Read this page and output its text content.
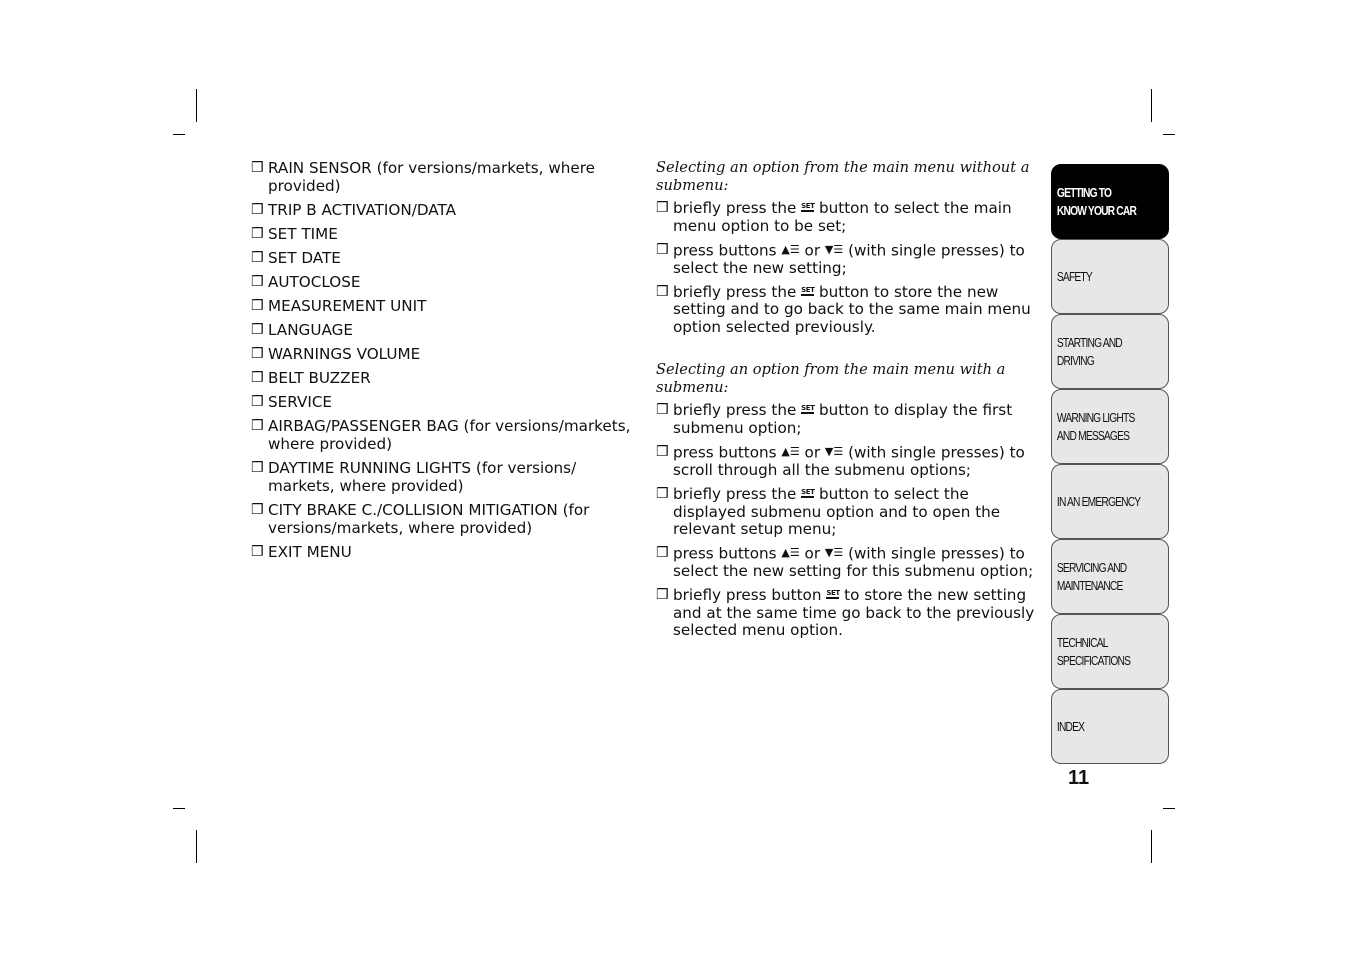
❒ RAIN SENSOR (for versions/markets, where provided)
❒ TRIP B ACTIVATION/DATA
❒ SET TIME
❒ SET DATE
❒ AUTOCLOSE
❒ MEASUREMENT UNIT
❒ LANGUAGE
❒ WARNINGS VOLUME
❒ BELT BUZZER
❒ SERVICE
❒ AIRBAG/PASSENGER BAG (for versions/markets, where provided)
❒ DAYTIME RUNNING LIGHTS (for versions/ markets, where provided)
❒ CITY BRAKE C./COLLISION MITIGATION (for versions/markets, where provided)
❒ EXIT MENU
Selecting an option from the main menu without a submenu:
❒ briefly press the SET button to select the main menu option to be set;
❒ press buttons ▲☰ or ▼☰ (with single presses) to select the new setting;
❒ briefly press the SET button to store the new setting and to go back to the same main menu option selected previously.
Selecting an option from the main menu with a submenu:
❒ briefly press the SET button to display the first submenu option;
❒ press buttons ▲☰ or ▼☰ (with single presses) to scroll through all the submenu options;
❒ briefly press the SET button to select the displayed submenu option and to open the relevant setup menu;
❒ press buttons ▲☰ or ▼☰ (with single presses) to select the new setting for this submenu option;
❒ briefly press button SET to store the new setting and at the same time go back to the previously selected menu option.
GETTING TO
KNOW YOUR CAR
SAFETY
STARTING AND
DRIVING
WARNING LIGHTS
AND MESSAGES
IN AN EMERGENCY
SERVICING AND
MAINTENANCE
TECHNICAL
SPECIFICATIONS
INDEX
11
